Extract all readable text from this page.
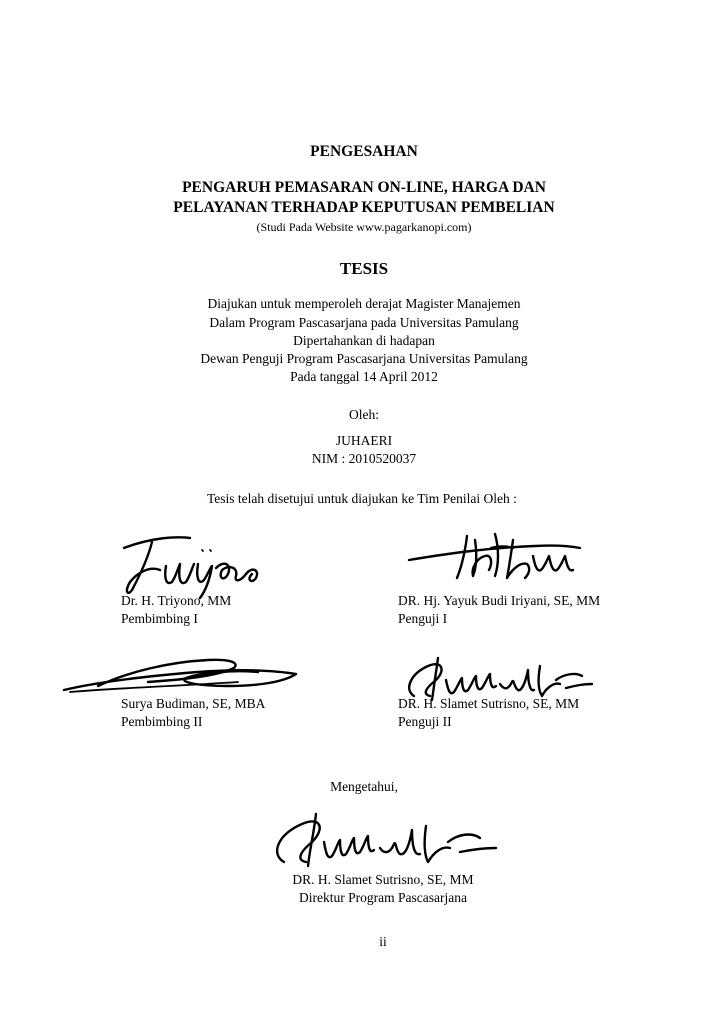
PENGESAHAN
PENGARUH PEMASARAN ON-LINE, HARGA DAN
PELAYANAN TERHADAP KEPUTUSAN PEMBELIAN
(Studi Pada Website www.pagarkanopi.com)
TESIS
Diajukan untuk memperoleh derajat Magister Manajemen
Dalam Program Pascasarjana pada Universitas Pamulang
Dipertahankan di hadapan
Dewan Penguji Program Pascasarjana Universitas Pamulang
Pada tanggal 14 April 2012
Oleh:
JUHAERI
NIM : 2010520037
Tesis telah disetujui untuk diajukan ke Tim Penilai Oleh :
Dr. H. Triyono, MM
Pembimbing I
DR. Hj. Yayuk Budi Iriyani, SE, MM
Penguji I
Surya Budiman, SE, MBA
Pembimbing II
DR. H. Slamet Sutrisno, SE, MM
Penguji II
Mengetahui,
DR. H. Slamet Sutrisno, SE, MM
Direktur Program Pascasarjana
ii
